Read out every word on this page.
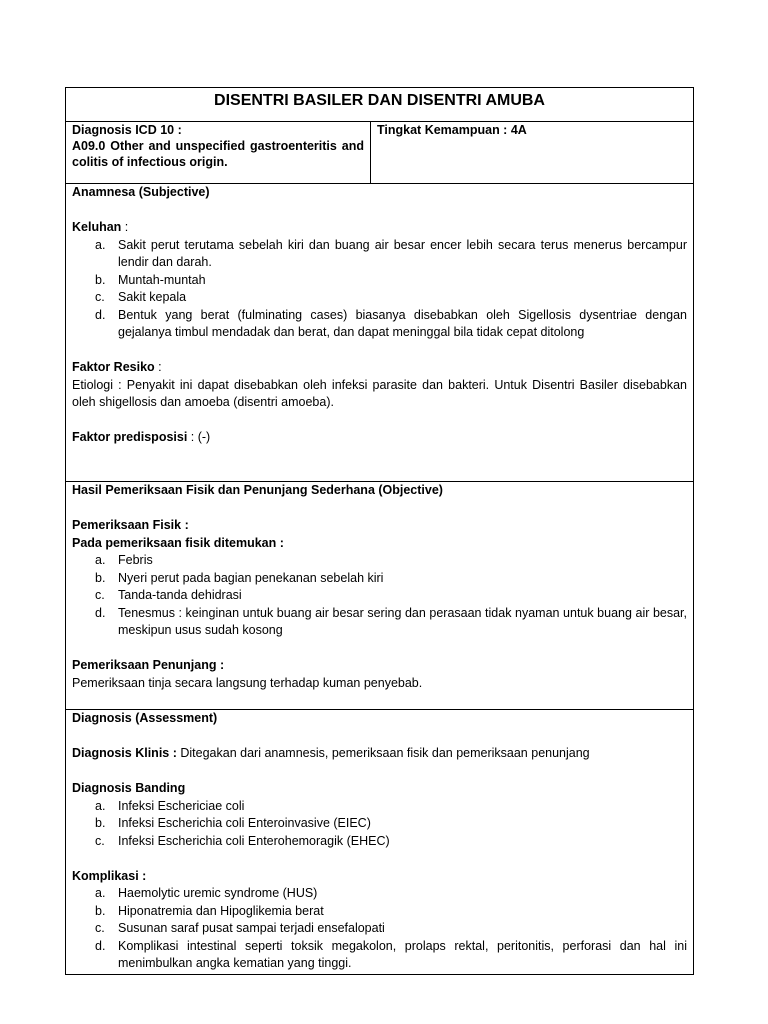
DISENTRI BASILER DAN DISENTRI AMUBA
Diagnosis ICD 10 :
A09.0 Other and unspecified gastroenteritis and colitis of infectious origin.
Tingkat Kemampuan : 4A
Anamnesa (Subjective)

Keluhan :

a. Sakit perut terutama sebelah kiri dan buang air besar encer lebih secara terus menerus bercampur lendir dan darah.
b. Muntah-muntah
c. Sakit kepala
d. Bentuk yang berat (fulminating cases) biasanya disebabkan oleh Sigellosis dysentriae dengan gejalanya timbul mendadak dan berat, dan dapat meninggal bila tidak cepat ditolong

Faktor Resiko :

Etiologi : Penyakit ini dapat disebabkan oleh infeksi parasite dan bakteri. Untuk Disentri Basiler disebabkan oleh shigellosis dan amoeba (disentri amoeba).

Faktor predisposisi : (-)

Hasil Pemeriksaan Fisik dan Penunjang Sederhana (Objective)
Pemeriksaan Fisik :
Pada pemeriksaan fisik ditemukan :
a. Febris
b. Nyeri perut pada bagian penekanan sebelah kiri
c. Tanda-tanda dehidrasi
d. Tenesmus : keinginan untuk buang air besar sering dan perasaan tidak nyaman untuk buang air besar, meskipun usus sudah kosong
Pemeriksaan Penunjang :

Pemeriksaan tinja secara langsung terhadap kuman penyebab.

Diagnosis (Assessment)

Diagnosis Klinis : Ditegakan dari anamnesis, pemeriksaan fisik dan pemeriksaan penunjang

Diagnosis Banding
a. Infeksi Eschericiae coli
b. Infeksi Escherichia coli Enteroinvasive (EIEC)
c. Infeksi Escherichia coli Enterohemoragik (EHEC)
Komplikasi :
a. Haemolytic uremic syndrome (HUS)
b. Hiponatremia dan Hipoglikemia berat
c. Susunan saraf pusat sampai terjadi ensefalopati
d. Komplikasi intestinal seperti toksik megakolon, prolaps rektal, peritonitis, perforasi dan hal ini menimbulkan angka kematian yang tinggi.
